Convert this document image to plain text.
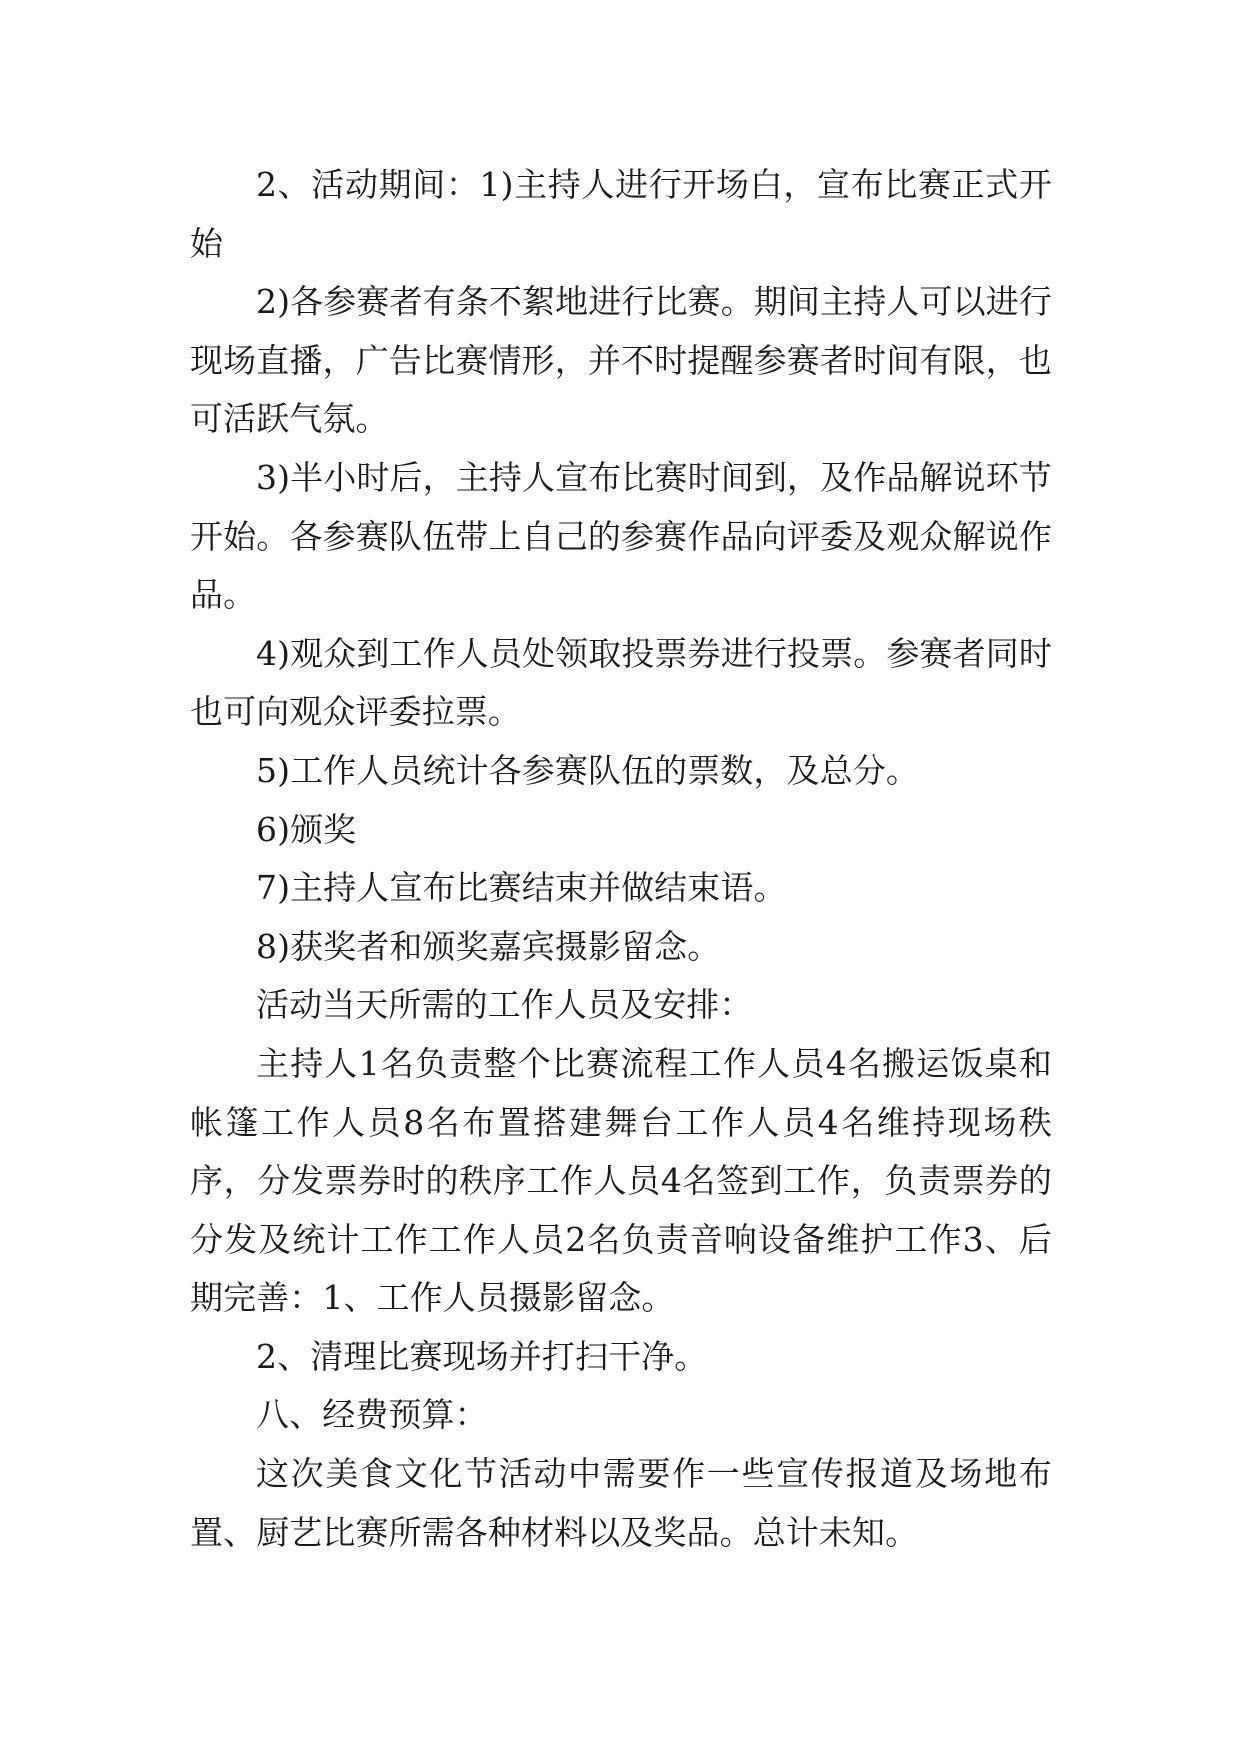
2、活动期间：1)主持人进行开场白，宣布比赛正式开始

2)各参赛者有条不絮地进行比赛。期间主持人可以进行现场直播，广告比赛情形，并不时提醒参赛者时间有限，也可活跃气氛。

3)半小时后，主持人宣布比赛时间到，及作品解说环节开始。各参赛队伍带上自己的参赛作品向评委及观众解说作品。

4)观众到工作人员处领取投票券进行投票。参赛者同时也可向观众评委拉票。

5)工作人员统计各参赛队伍的票数，及总分。

6)颁奖

7)主持人宣布比赛结束并做结束语。

8)获奖者和颁奖嘉宾摄影留念。

活动当天所需的工作人员及安排：

主持人1名负责整个比赛流程工作人员4名搬运饭桌和帐篷工作人员8名布置搭建舞台工作人员4名维持现场秩序，分发票券时的秩序工作人员4名签到工作，负责票券的分发及统计工作工作人员2名负责音响设备维护工作3、后期完善：1、工作人员摄影留念。

2、清理比赛现场并打扫干净。

八、经费预算：

这次美食文化节活动中需要作一些宣传报道及场地布置、厨艺比赛所需各种材料以及奖品。总计未知。
